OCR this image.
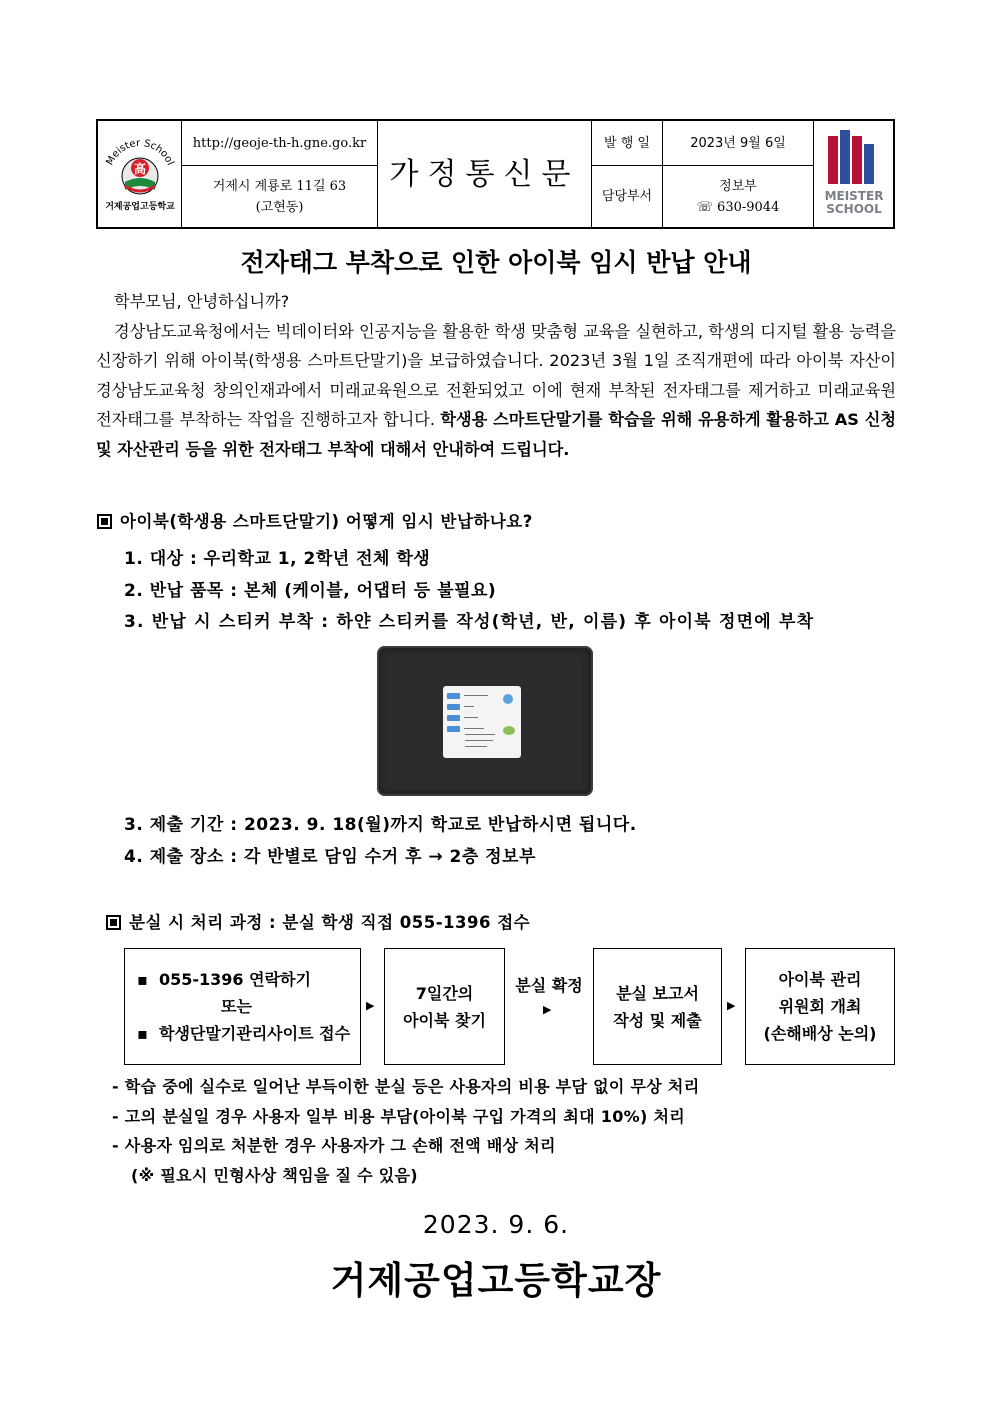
Meister School
高
거제공업고등학교
http://geoje-th-h.gne.go.kr
거제시 계룡로 11길 63
(고현동)
가정통신문
발 행 일	2023년 9월 6일
담당부서
정보부
☏ 630-9044
MEISTER
SCHOOL
전자태그 부착으로 인한 아이북 임시 반납 안내

학부모님, 안녕하십니까?

경상남도교육청에서는 빅데이터와 인공지능을 활용한 학생 맞춤형 교육을 실현하고, 학생의 디지털 활용 능력을 신장하기 위해 아이북(학생용 스마트단말기)을 보급하였습니다. 2023년 3월 1일 조직개편에 따라 아이북 자산이 경상남도교육청 창의인재과에서 미래교육원으로 전환되었고 이에 현재 부착된 전자태그를 제거하고 미래교육원 전자태그를 부착하는 작업을 진행하고자 합니다. 학생용 스마트단말기를 학습을 위해 유용하게 활용하고 AS 신청 및 자산관리 등을 위한 전자태그 부착에 대해서 안내하여 드립니다.

아이북(학생용 스마트단말기) 어떻게 임시 반납하나요?
1. 대상 : 우리학교 1, 2학년 전체 학생
2. 반납 품목 : 본체 (케이블, 어댑터 등 불필요)
3. 반납 시 스티커 부착 : 하얀 스티커를 작성(학년, 반, 이름) 후 아이북 정면에 부착
3. 제출 기간 : 2023. 9. 18(월)까지 학교로 반납하시면 됩니다.
4. 제출 장소 : 각 반별로 담임 수거 후 → 2층 정보부
분실 시 처리 과정 : 분실 학생 직접 055-1396 접수
▪  055-1396 연락하기
또는
▪  학생단말기관리사이트 접수
▶
7일간의
아이북 찾기
분실 확정
▶
분실 보고서
작성 및 제출
▶
아이북 관리
위원회 개최
(손해배상 논의)
- 학습 중에 실수로 일어난 부득이한 분실 등은 사용자의 비용 부담 없이 무상 처리
- 고의 분실일 경우 사용자 일부 비용 부담(아이북 구입 가격의 최대 10%) 처리
- 사용자 임의로 처분한 경우 사용자가 그 손해 전액 배상 처리
(※ 필요시 민형사상 책임을 질 수 있음)
2023. 9. 6.
거제공업고등학교장
